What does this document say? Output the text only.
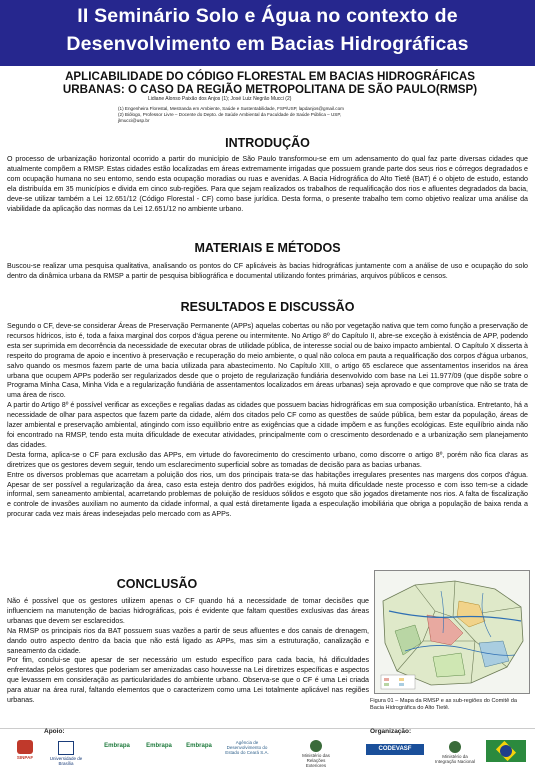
II Seminário Solo e Água no contexto de
Desenvolvimento em Bacias Hidrográficas
APLICABILIDADE DO CÓDIGO FLORESTAL EM BACIAS HIDROGRÁFICAS
URBANAS: O CASO DA REGIÃO METROPOLITANA DE SÃO PAULO(RMSP)
Lidiane Alonso Paixão dos Anjos (1); José Luiz Negrão Mucci (2)
(1) Engenheira Florestal, Mestranda em Ambiente, Saúde e Sustentabilidade, FSP/USP, lapdanjos@gmail.com
(2) Biólogo, Professor Livre – Docente do Depto. de Saúde Ambiental da Faculdade de Saúde Pública – USP,
jlmucci@usp.br
INTRODUÇÃO

O processo de urbanização horizontal ocorrido a partir do município de São Paulo transformou-se em um adensamento do qual faz parte diversas cidades que atualmente compõem a RMSP. Estas cidades estão localizadas em áreas extremamente irrigadas que possuem grande parte dos seus rios e córregos degradados e com ocupação humana no seu entorno, sendo esta ocupação moradias ou ruas e avenidas. A Bacia Hidrográfica do Alto Tietê (BAT) é o objeto de estudo, estando ela distribuída em 35 municípios e divida em cinco sub-regiões. Para que sejam realizados os trabalhos de requalificação dos rios e afluentes degradados da bacia, deve-se utilizar também a Lei 12.651/12 (Código Florestal - CF) como base jurídica. Desta forma, o presente trabalho tem como objetivo realizar uma análise da viabilidade da aplicação das normas da Lei 12.651/12 no ambiente urbano.

MATERIAIS E MÉTODOS

Buscou-se realizar uma pesquisa qualitativa, analisando os pontos do CF aplicáveis às bacias hidrográficas juntamente com a análise de uso e ocupação do solo dentro da dinâmica urbana da RMSP a partir de pesquisa bibliográfica e documental utilizando fontes primárias, arquivos públicos e censos.

RESULTADOS E DISCUSSÃO

Segundo o CF, deve-se considerar Áreas de Preservação Permanente (APPs) aquelas cobertas ou não por vegetação nativa que tem como função a preservação de recursos hídricos, isto é, toda a faixa marginal dos corpos d'água perene ou intermitente. No Artigo 8º do Capítulo II, abre-se exceção à existência de APP, podendo esta ser suprimida em decorrência da necessidade de executar obras de utilidade pública, de interesse social ou de baixo impacto ambiental. O Capítulo X disserta à respeito do programa de apoio e incentivo à preservação e recuperação do meio ambiente, o qual não coloca em pauta a requalificação dos corpos d'água urbanos, salvo quando os mesmos fazem parte de uma bacia utilizada para abastecimento. No Capítulo XIII, o artigo 65 esclarece que assentamentos inseridos na área urbana que ocupem APPs poderão ser regularizados desde que o projeto de regularização fundiária desenvolvido com base na Lei 11.977/09 (que dispõe sobre o Programa Minha Casa, Minha Vida e a regularização fundiária de assentamentos localizados em áreas urbanas) seja aprovado e que comprove que não se trata de uma área de risco.

A partir do Artigo 8º é possível verificar as exceções e regalias dadas as cidades que possuem bacias hidrográficas em sua composição urbanística. Entretanto, há a necessidade de olhar para aspectos que fazem parte da cidade, além dos citados pelo CF como as questões de saúde pública, bem estar da população, áreas de lazer ambiental e preservação ambiental, atingindo com isso equilíbrio entre as exigências que a cidade impõem e as funções ecológicas. Este equilíbrio ainda não foi encontrado na RMSP, tendo esta muita dificuldade de executar atividades, principalmente com o crescimento desordenado e a urbanização sem planejamento das cidades.

Desta forma, aplica-se o CF para exclusão das APPs, em virtude do favorecimento do crescimento urbano, como discorre o artigo 8º, porém não fica claras as diretrizes que os gestores devem seguir, tendo um esclarecimento superficial sobre as tomadas de decisão para as bacias urbanas.

Entre os diversos problemas que acarretam a poluição dos rios, um dos principais trata-se das habitações irregulares presentes nas margens dos corpos d'água. Apesar de ser possível a regularização da área, caso esta esteja dentro dos padrões exigidos, há muita dificuldade neste processo e com isso tem-se a cidade informal, sem saneamento ambiental, acarretando problemas de poluição de resíduos sólidos e esgoto que são jogados diretamente nos rios. A falta de fiscalização e controle de invasões auxiliam no aumento da cidade informal, a qual está diretamente ligada a especulação imobiliária que obriga a população de baixa renda a procurar cada vez mais áreas indesejadas pelo mercado com as APPs.

CONCLUSÃO

Não é possível que os gestores utilizem apenas o CF quando há a necessidade de tomar decisões que influenciem na manutenção de bacias hidrográficas, pois é evidente que faltam questões exclusivas das áreas urbanas que devem ser esclarecidos.

Na RMSP os principais rios da BAT possuem suas vazões a partir de seus afluentes e dos canais de drenagem, dando outro aspecto dentro da bacia que não está ligado as APPs, mas sim a estruturação, canalização e saneamento da cidade.

Por fim, conclui-se que apesar de ser necessário um estudo específico para cada bacia, há dificuldades enfrentadas pelos gestores que poderiam ser amenizadas caso houvesse na Lei diretrizes específicas e aspectos que levassem em consideração as particularidades do ambiente urbano. Observa-se que o CF é uma Lei criada para atuar na área rural, faltando elementos que o caracterizem como uma Lei totalmente aplicável nas regiões urbanas.	Figura 01 – Mapa da RMSP e as sub-regiões do Comitê da Bacia Hidrográfica do Alto Tietê.
Apoio:	Organização:
SINPAF	Universidade de Brasília
Embrapa	Embrapa	Embrapa
Agência de Desenvolvimento do Estado do Ceará S.A.
Ministério das Relações Exteriores
CODEVASF
Ministério da Integração Nacional
